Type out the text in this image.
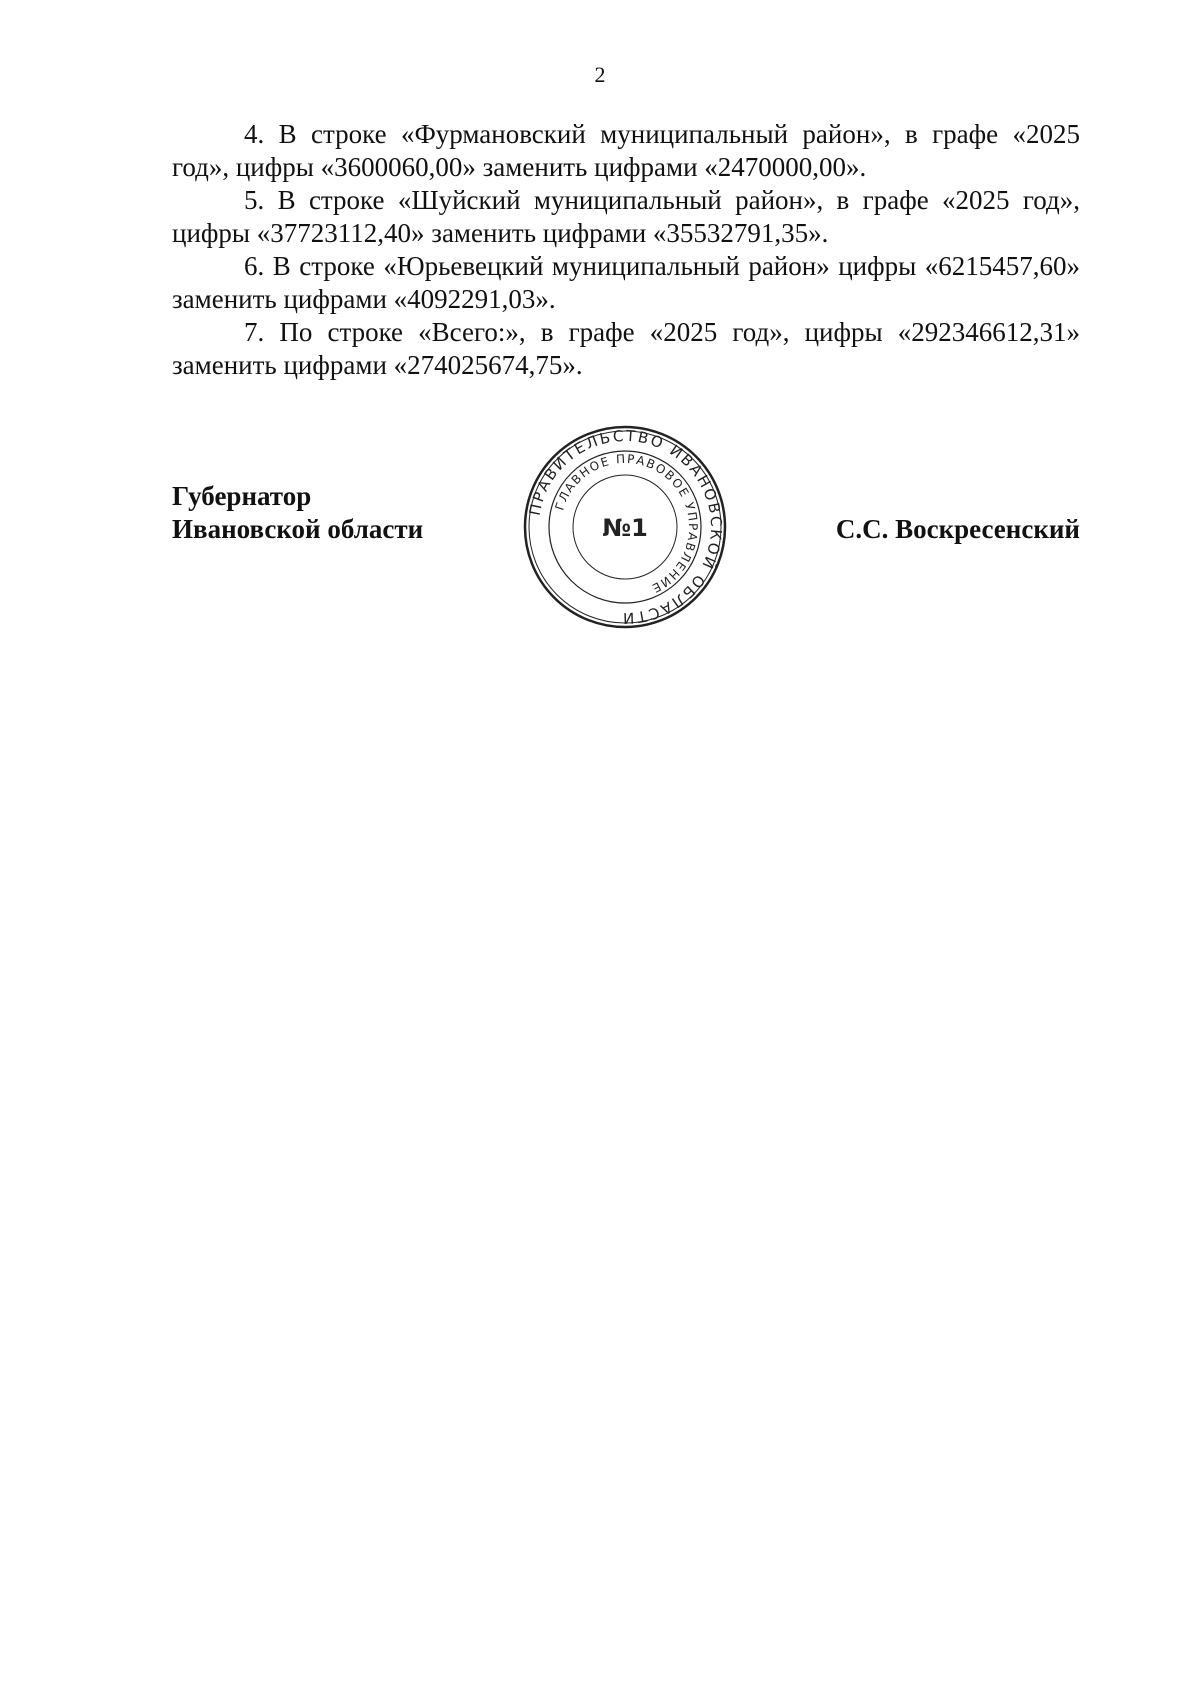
2

4. В строке «Фурмановский муниципальный район», в графе «2025 год», цифры «3600060,00» заменить цифрами «2470000,00».

5. В строке «Шуйский муниципальный район», в графе «2025 год», цифры «37723112,40» заменить цифрами «35532791,35».

6. В строке «Юрьевецкий муниципальный район» цифры «6215457,60» заменить цифрами «4092291,03».

7. По строке «Всего:», в графе «2025 год», цифры «292346612,31» заменить цифрами «274025674,75».

Губернатор
Ивановской области	С.С. Воскресенский
ПРАВИТЕЛЬСТВО ИВАНОВСКОЙ ОБЛАСТИ
ГЛАВНОЕ ПРАВОВОЕ УПРАВЛЕНИЕ
№1
